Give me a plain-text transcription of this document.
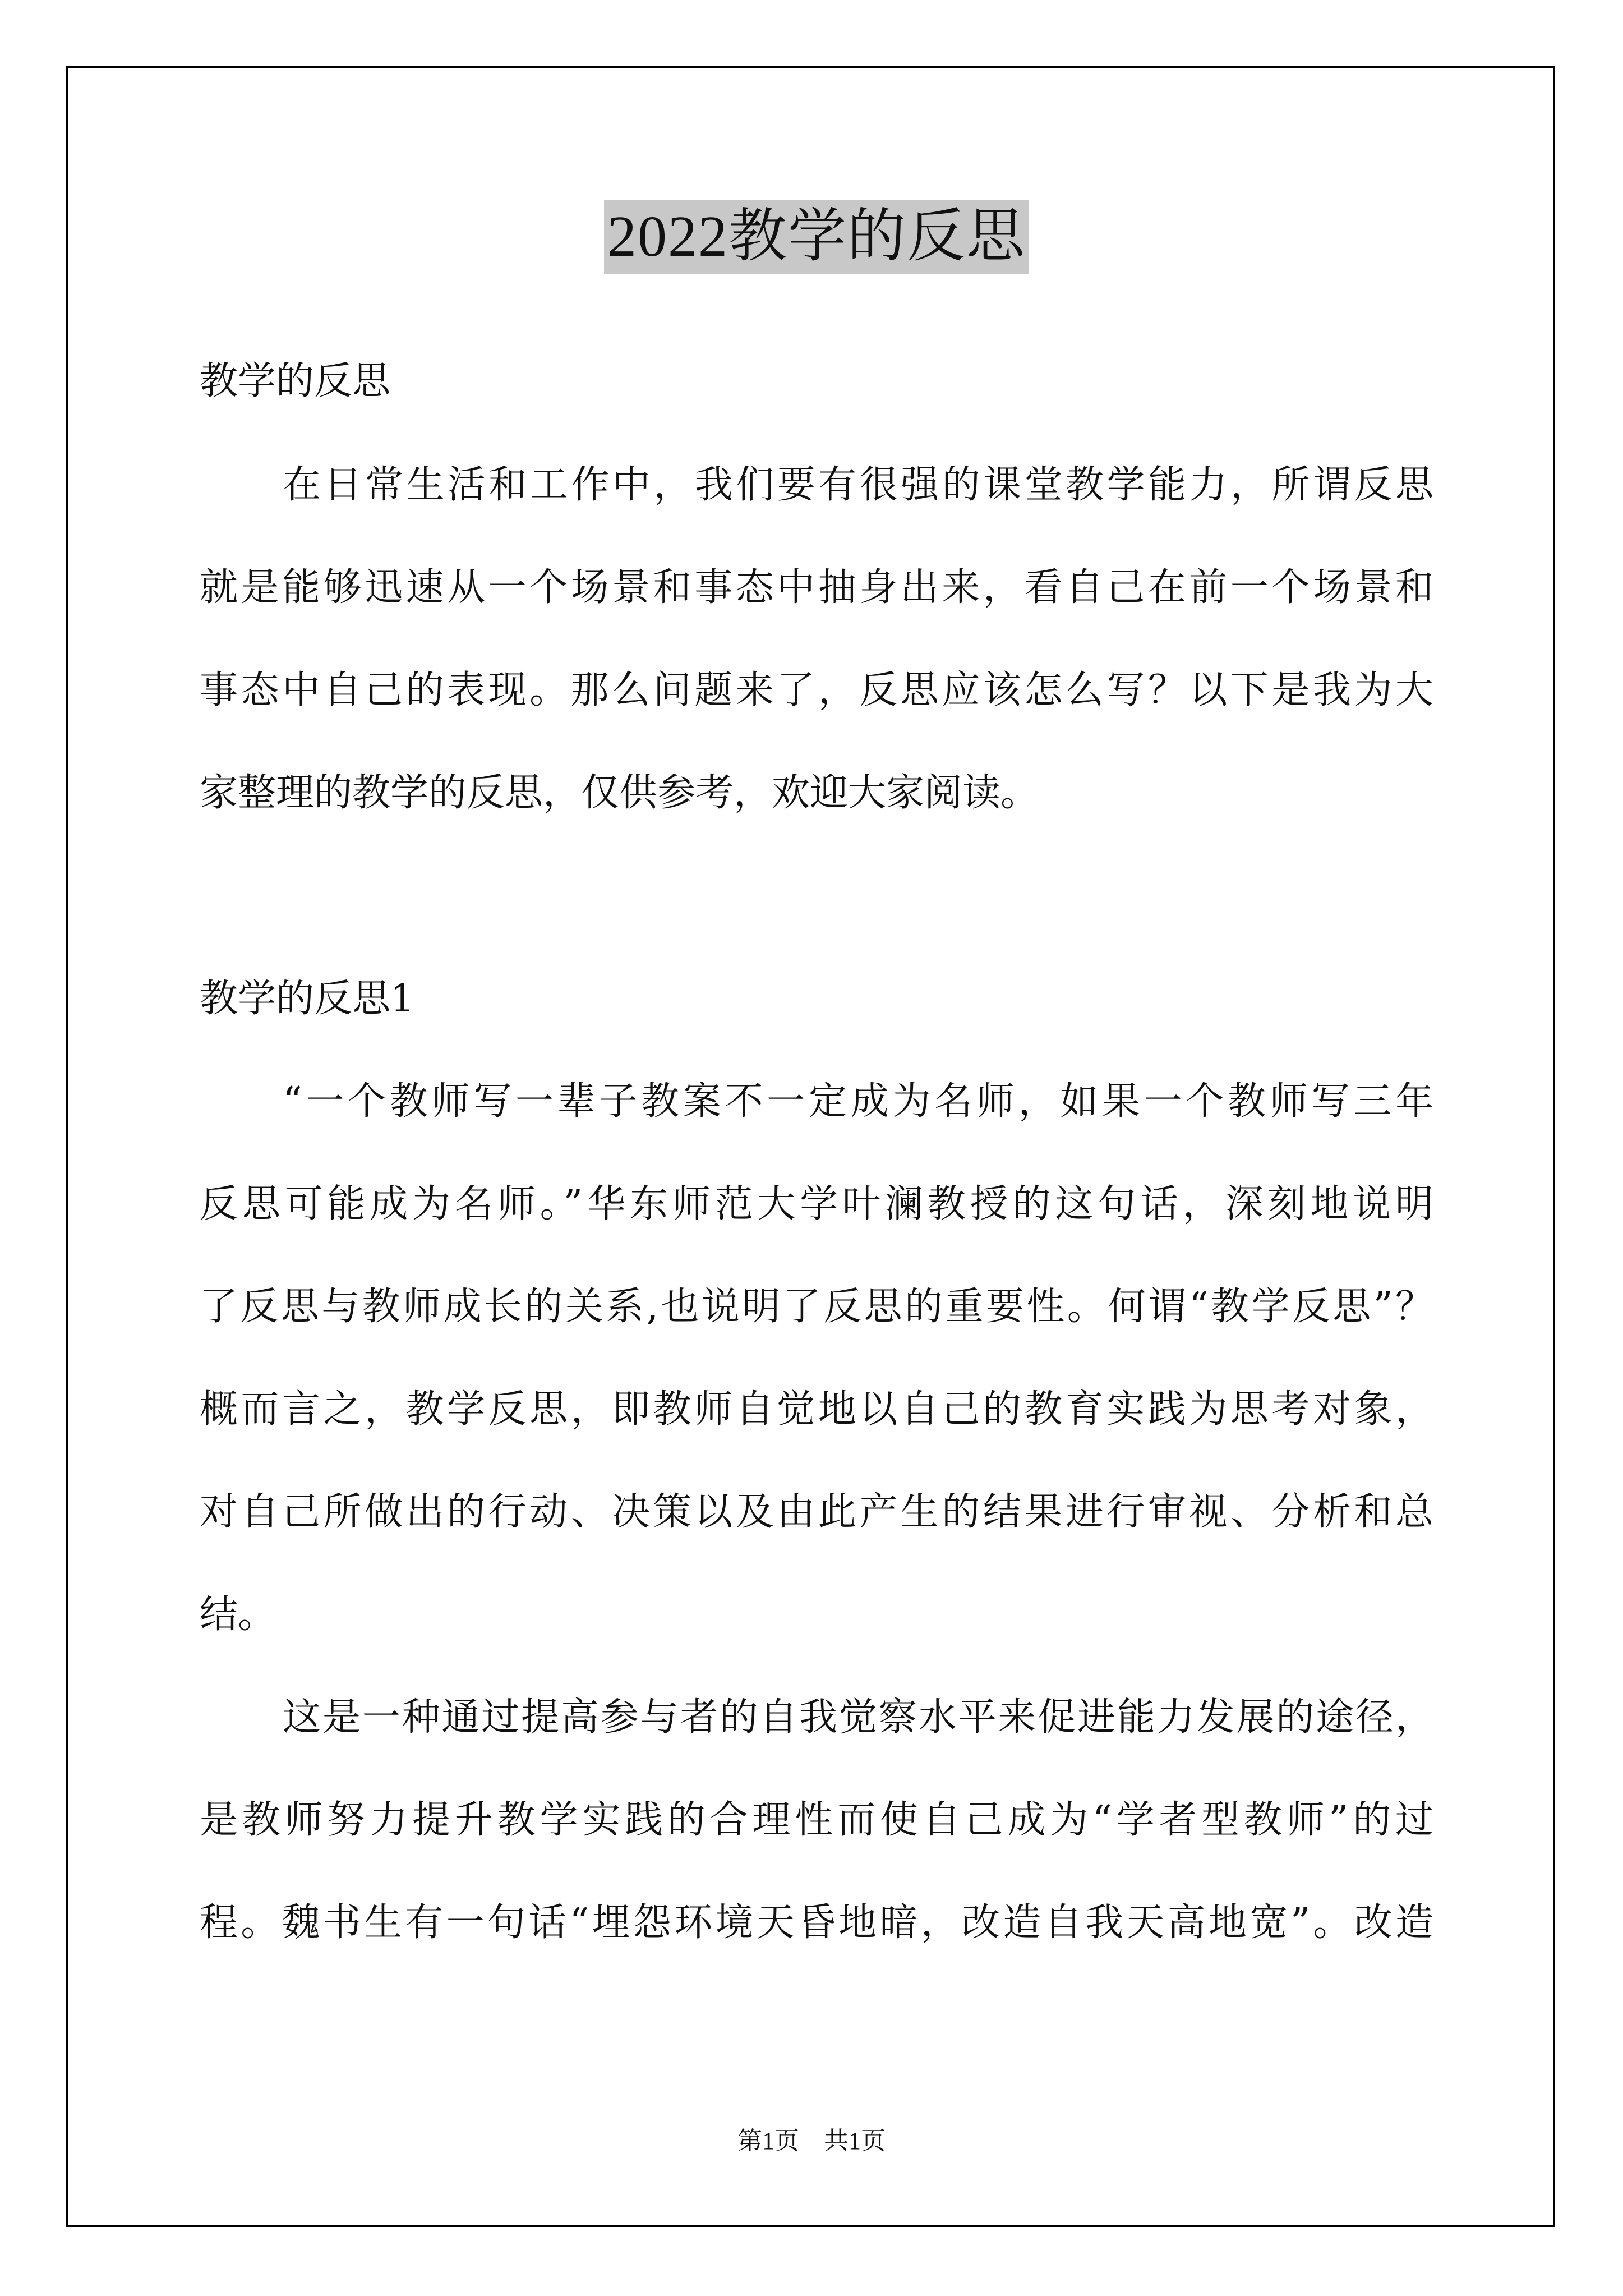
2022教学的反思
教学的反思
在日常生活和工作中，我们要有很强的课堂教学能力，所谓反思
就是能够迅速从一个场景和事态中抽身出来，看自己在前一个场景和
事态中自己的表现。那么问题来了，反思应该怎么写？以下是我为大
家整理的教学的反思，仅供参考，欢迎大家阅读。
教学的反思1
“一个教师写一辈子教案不一定成为名师，如果一个教师写三年
反思可能成为名师。”华东师范大学叶澜教授的这句话，深刻地说明
了反思与教师成长的关系,也说明了反思的重要性。何谓“教学反思”？
概而言之，教学反思，即教师自觉地以自己的教育实践为思考对象，
对自己所做出的行动、决策以及由此产生的结果进行审视、分析和总
结。
这是一种通过提高参与者的自我觉察水平来促进能力发展的途径，
是教师努力提升教学实践的合理性而使自己成为“学者型教师”的过
程。魏书生有一句话“埋怨环境天昏地暗，改造自我天高地宽”。改造
第1页　共1页
